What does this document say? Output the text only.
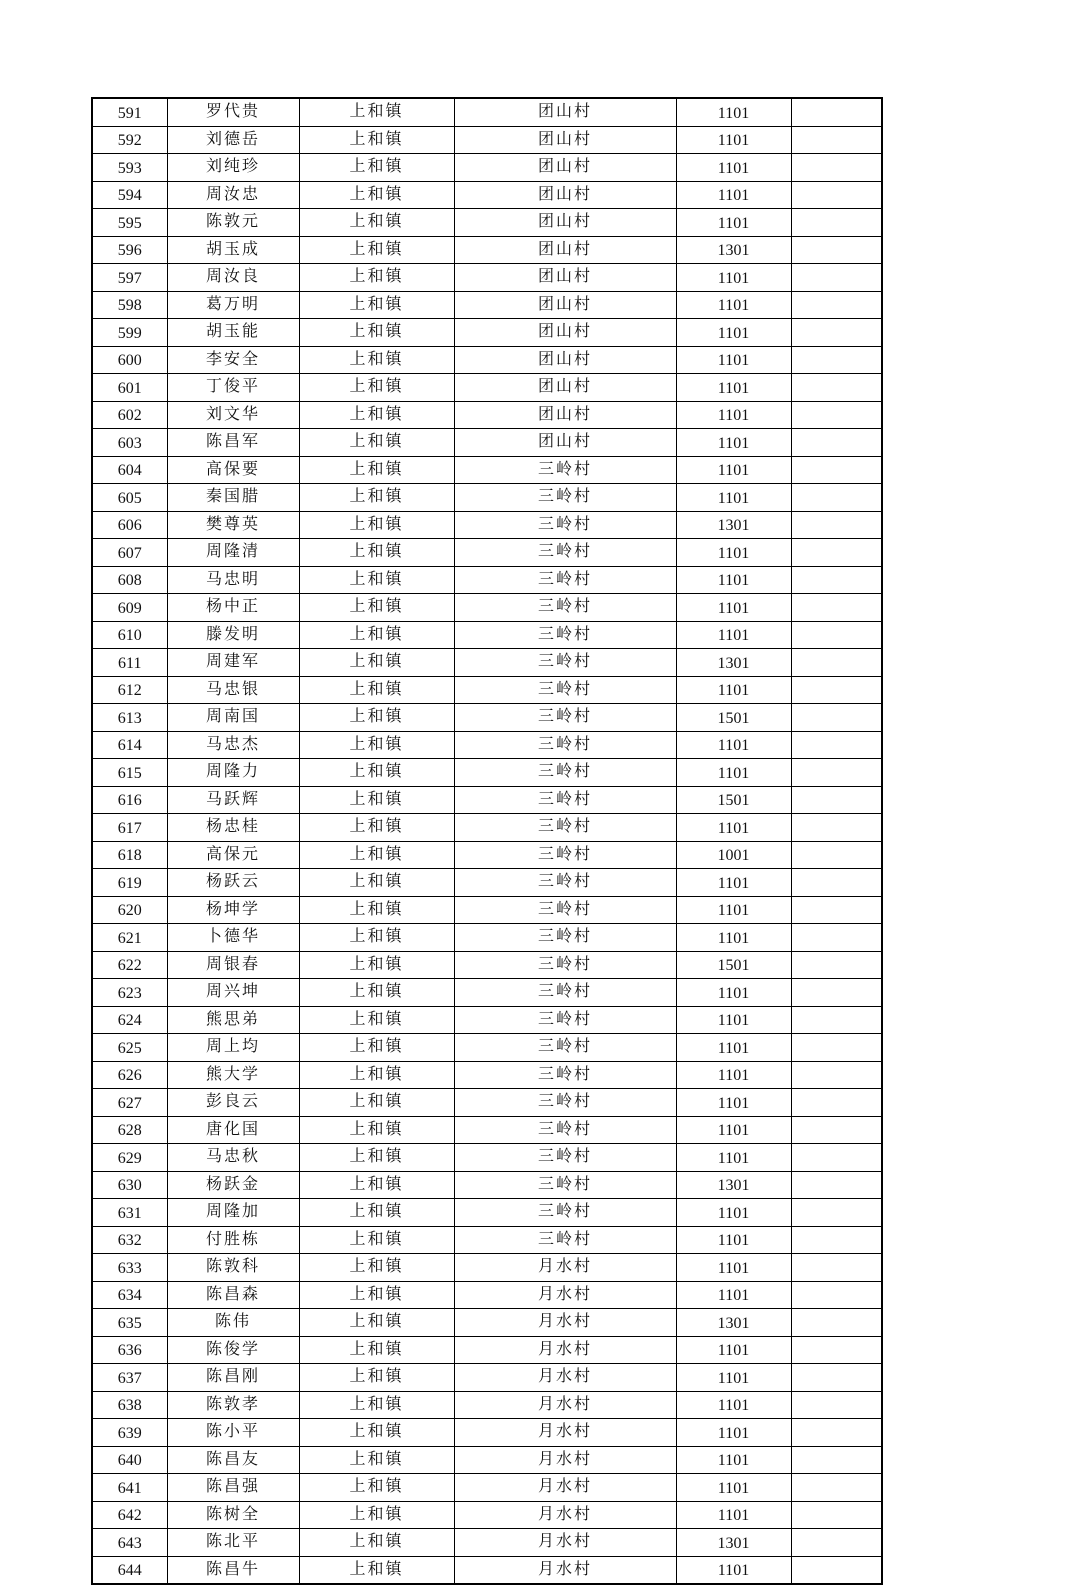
591	罗代贵	上和镇	团山村	1101	
592	刘德岳	上和镇	团山村	1101	
593	刘纯珍	上和镇	团山村	1101	
594	周汝忠	上和镇	团山村	1101	
595	陈敦元	上和镇	团山村	1101	
596	胡玉成	上和镇	团山村	1301	
597	周汝良	上和镇	团山村	1101	
598	葛万明	上和镇	团山村	1101	
599	胡玉能	上和镇	团山村	1101	
600	李安全	上和镇	团山村	1101	
601	丁俊平	上和镇	团山村	1101	
602	刘文华	上和镇	团山村	1101	
603	陈昌军	上和镇	团山村	1101	
604	高保要	上和镇	三岭村	1101	
605	秦国腊	上和镇	三岭村	1101	
606	樊尊英	上和镇	三岭村	1301	
607	周隆清	上和镇	三岭村	1101	
608	马忠明	上和镇	三岭村	1101	
609	杨中正	上和镇	三岭村	1101	
610	滕发明	上和镇	三岭村	1101	
611	周建军	上和镇	三岭村	1301	
612	马忠银	上和镇	三岭村	1101	
613	周南国	上和镇	三岭村	1501	
614	马忠杰	上和镇	三岭村	1101	
615	周隆力	上和镇	三岭村	1101	
616	马跃辉	上和镇	三岭村	1501	
617	杨忠桂	上和镇	三岭村	1101	
618	高保元	上和镇	三岭村	1001	
619	杨跃云	上和镇	三岭村	1101	
620	杨坤学	上和镇	三岭村	1101	
621	卜德华	上和镇	三岭村	1101	
622	周银春	上和镇	三岭村	1501	
623	周兴坤	上和镇	三岭村	1101	
624	熊思弟	上和镇	三岭村	1101	
625	周上均	上和镇	三岭村	1101	
626	熊大学	上和镇	三岭村	1101	
627	彭良云	上和镇	三岭村	1101	
628	唐化国	上和镇	三岭村	1101	
629	马忠秋	上和镇	三岭村	1101	
630	杨跃金	上和镇	三岭村	1301	
631	周隆加	上和镇	三岭村	1101	
632	付胜栋	上和镇	三岭村	1101	
633	陈敦科	上和镇	月水村	1101	
634	陈昌森	上和镇	月水村	1101	
635	陈伟	上和镇	月水村	1301	
636	陈俊学	上和镇	月水村	1101	
637	陈昌刚	上和镇	月水村	1101	
638	陈敦孝	上和镇	月水村	1101	
639	陈小平	上和镇	月水村	1101	
640	陈昌友	上和镇	月水村	1101	
641	陈昌强	上和镇	月水村	1101	
642	陈树全	上和镇	月水村	1101	
643	陈北平	上和镇	月水村	1301	
644	陈昌牛	上和镇	月水村	1101	
